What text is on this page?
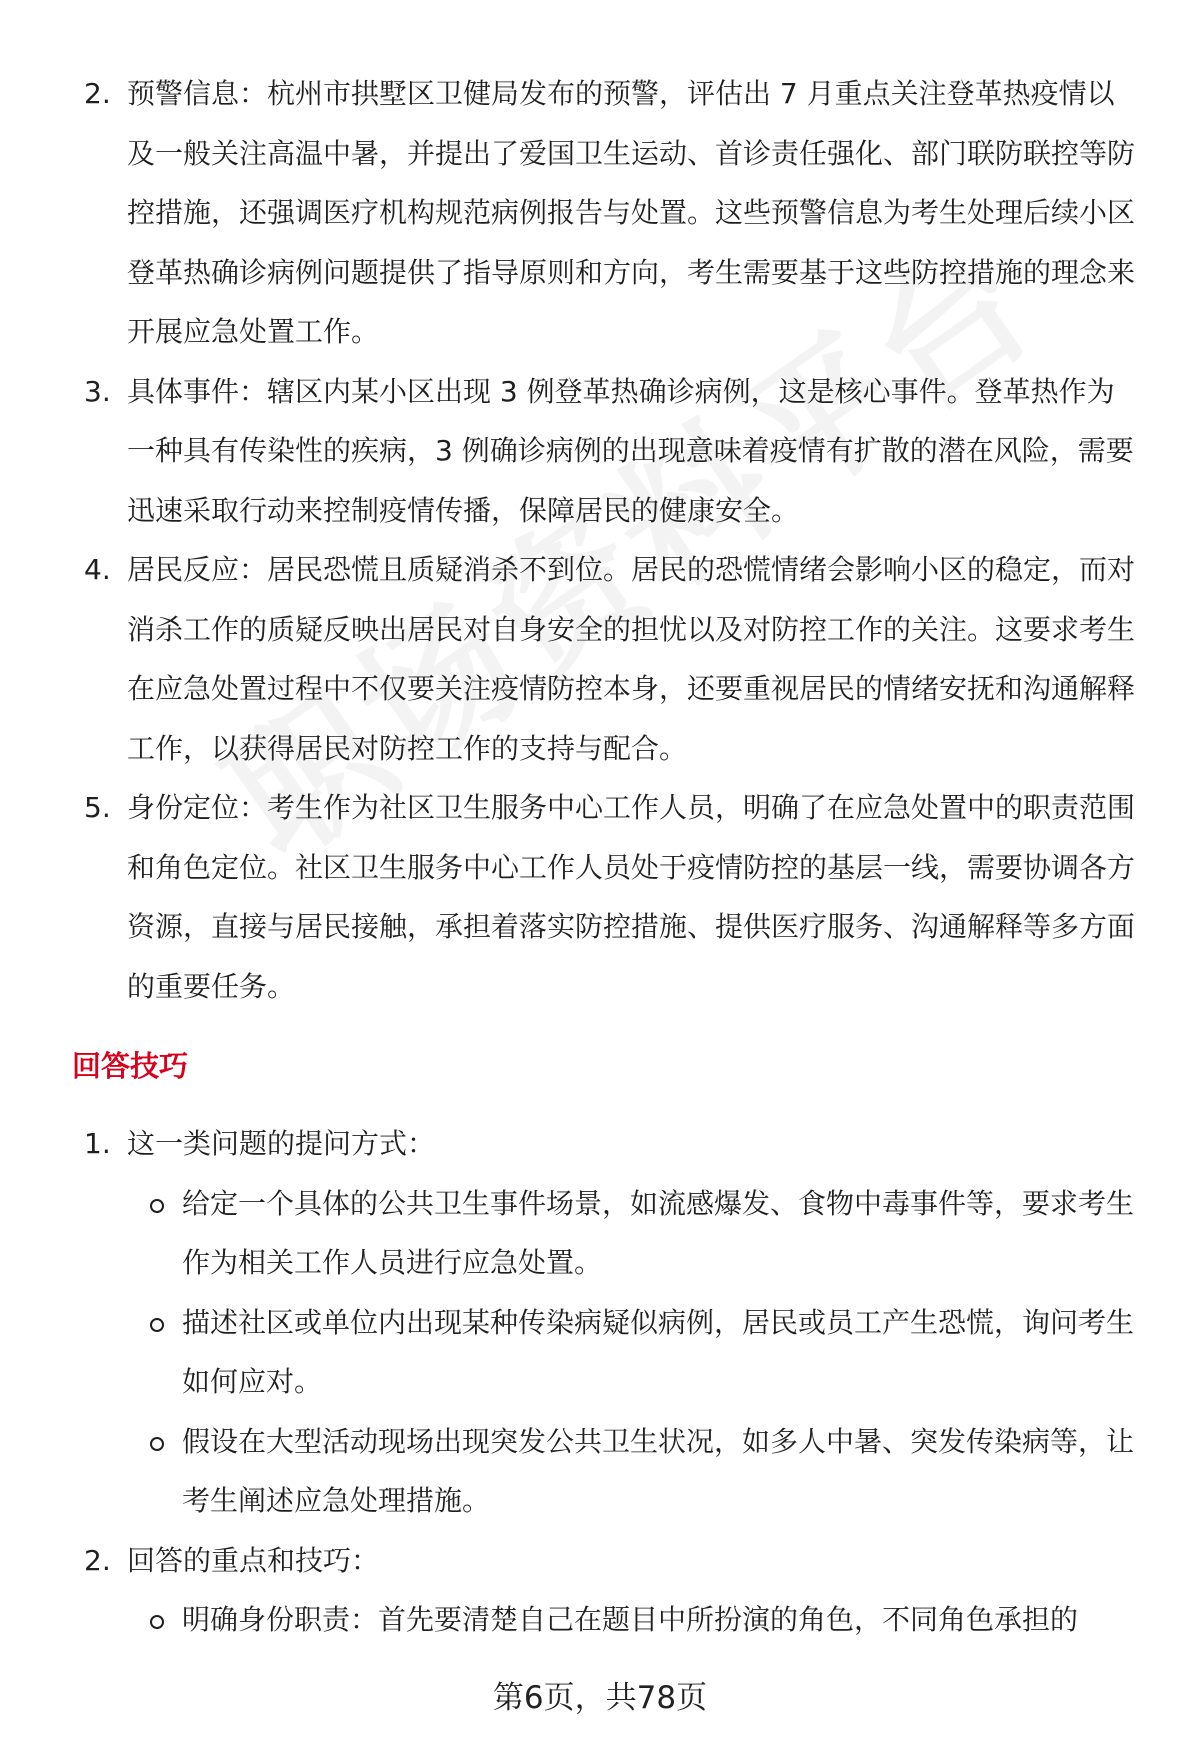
2. 预警信息：杭州市拱墅区卫健局发布的预警，评估出 7 月重点关注登革热疫情以及一般关注高温中暑，并提出了爱国卫生运动、首诊责任强化、部门联防联控等防控措施，还强调医疗机构规范病例报告与处置。这些预警信息为考生处理后续小区登革热确诊病例问题提供了指导原则和方向，考生需要基于这些防控措施的理念来开展应急处置工作。
3. 具体事件：辖区内某小区出现 3 例登革热确诊病例，这是核心事件。登革热作为一种具有传染性的疾病，3 例确诊病例的出现意味着疫情有扩散的潜在风险，需要迅速采取行动来控制疫情传播，保障居民的健康安全。
4. 居民反应：居民恐慌且质疑消杀不到位。居民的恐慌情绪会影响小区的稳定，而对消杀工作的质疑反映出居民对自身安全的担忧以及对防控工作的关注。这要求考生在应急处置过程中不仅要关注疫情防控本身，还要重视居民的情绪安抚和沟通解释工作，以获得居民对防控工作的支持与配合。
5. 身份定位：考生作为社区卫生服务中心工作人员，明确了在应急处置中的职责范围和角色定位。社区卫生服务中心工作人员处于疫情防控的基层一线，需要协调各方资源，直接与居民接触，承担着落实防控措施、提供医疗服务、沟通解释等多方面的重要任务。
回答技巧
1. 这一类问题的提问方式：
给定一个具体的公共卫生事件场景，如流感爆发、食物中毒事件等，要求考生作为相关工作人员进行应急处置。
描述社区或单位内出现某种传染病疑似病例，居民或员工产生恐慌，询问考生如何应对。
假设在大型活动现场出现突发公共卫生状况，如多人中暑、突发传染病等，让考生阐述应急处理措施。
2. 回答的重点和技巧：
明确身份职责：首先要清楚自己在题目中所扮演的角色，不同角色承担的
第6页，共78页
